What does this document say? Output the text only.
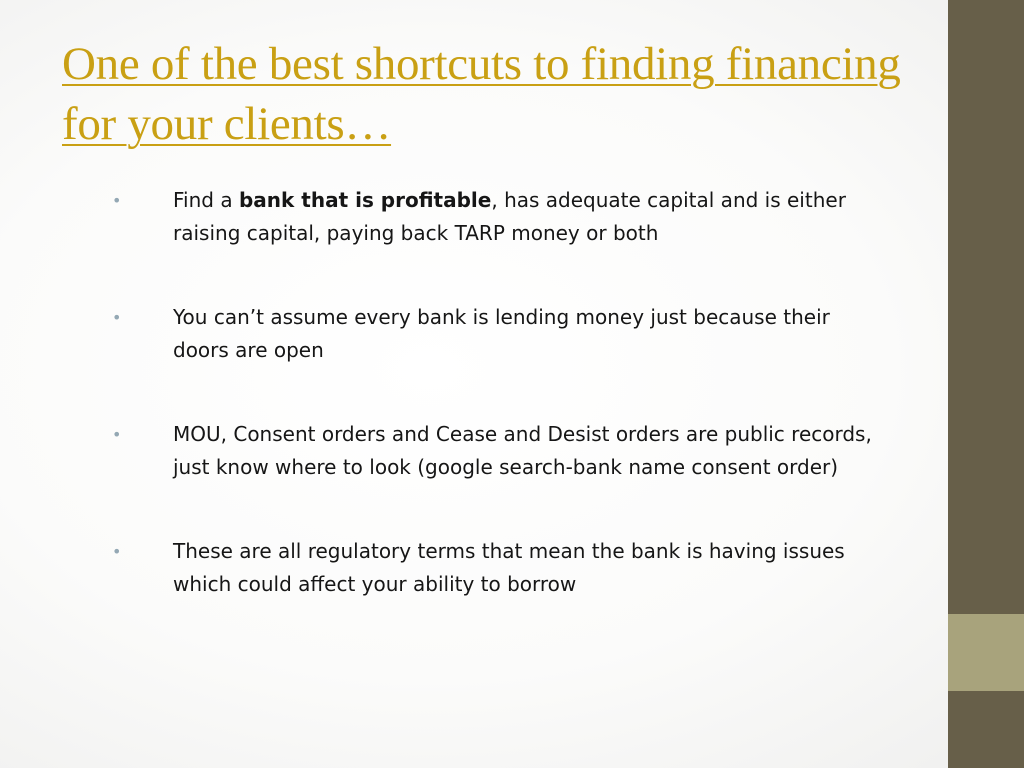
One of the best shortcuts to finding financing for your clients…
•	Find a bank that is profitable, has adequate capital and is either raising capital, paying back TARP money or both
•	You can’t assume every bank is lending money just because their doors are open
•	MOU, Consent orders and Cease and Desist orders are public records, just know where to look (google search-bank name consent order)
•	These are all regulatory terms that mean the bank is having issues which could affect your ability to borrow
